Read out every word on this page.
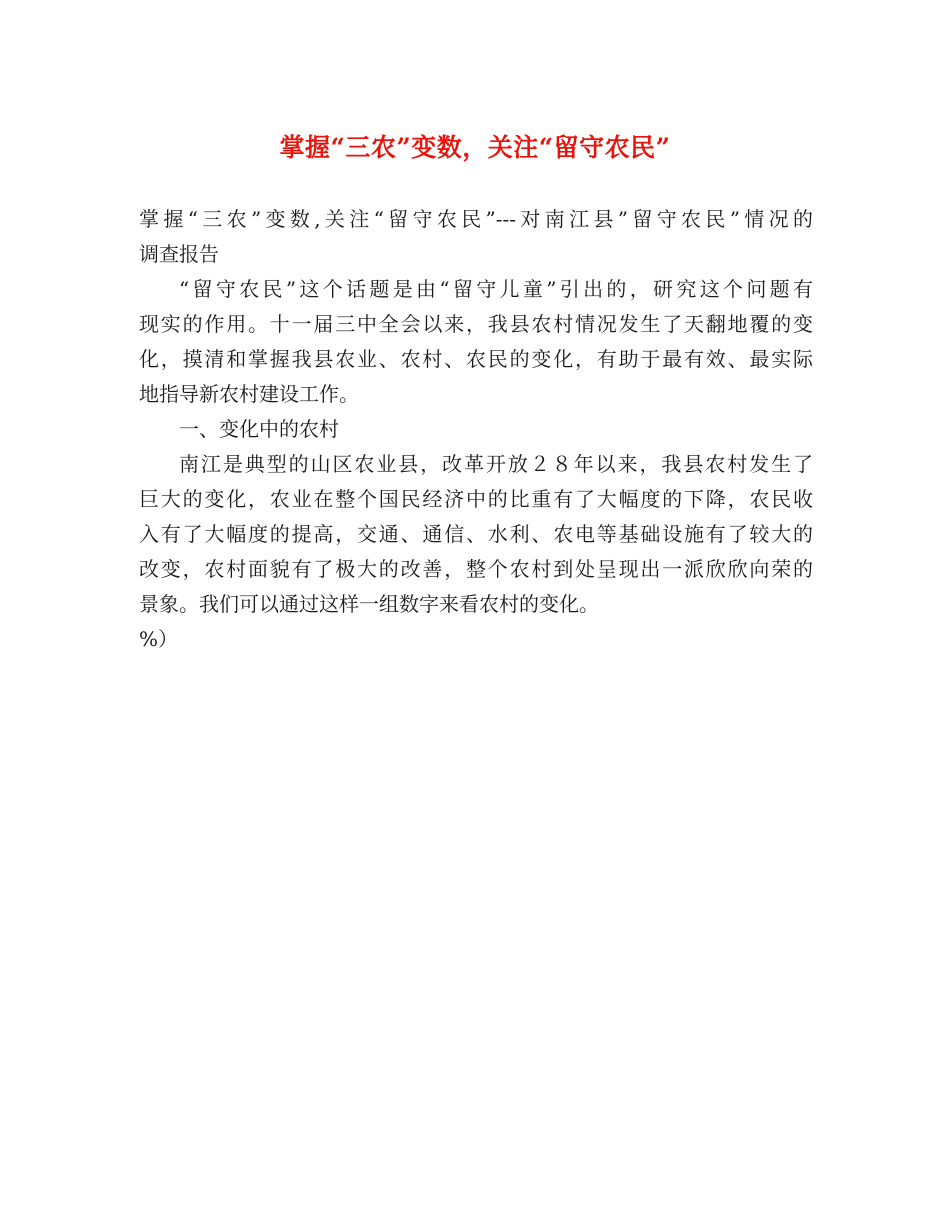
掌握“三农”变数，关注“留守农民”

掌握“三农”变数,关注“留守农民”---对南江县”留守农民”情况的
调查报告

“留守农民”这个话题是由“留守儿童”引出的，研究这个问题有
现实的作用。十一届三中全会以来，我县农村情况发生了天翻地覆的变
化，摸清和掌握我县农业、农村、农民的变化，有助于最有效、最实际
地指导新农村建设工作。

一、变化中的农村

南江是典型的山区农业县，改革开放２８年以来，我县农村发生了
巨大的变化，农业在整个国民经济中的比重有了大幅度的下降，农民收
入有了大幅度的提高，交通、通信、水利、农电等基础设施有了较大的
改变，农村面貌有了极大的改善，整个农村到处呈现出一派欣欣向荣的
景象。我们可以通过这样一组数字来看农村的变化。

%）
